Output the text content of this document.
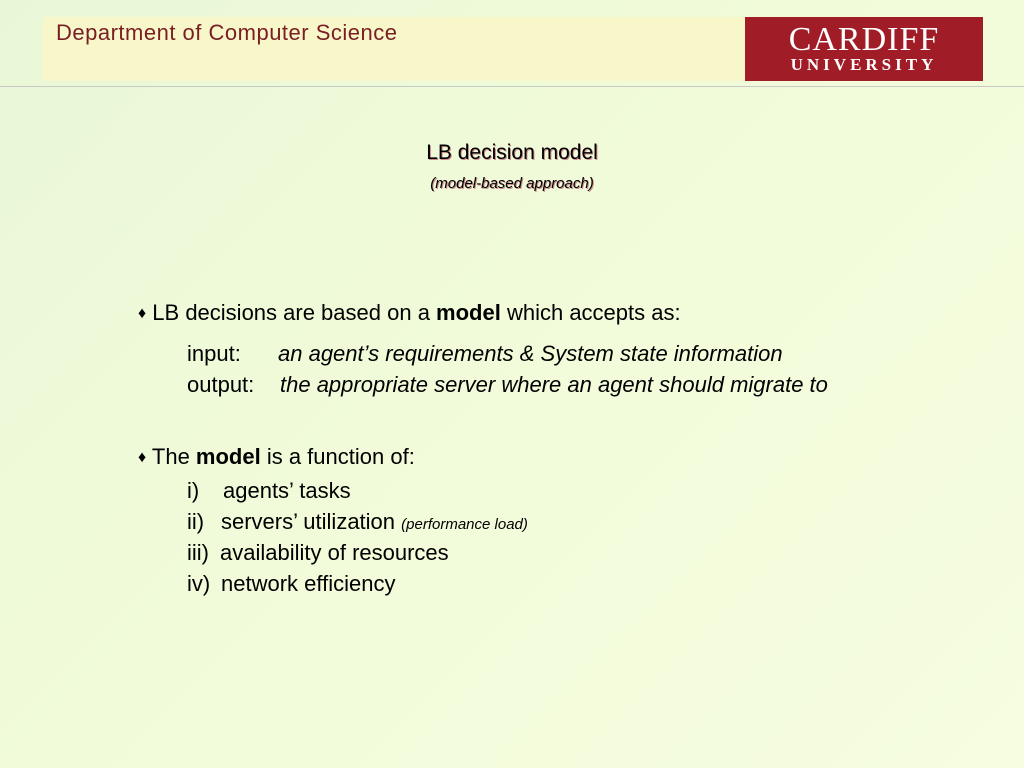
Department of Computer Science	CARDIFF
UNIVERSITY
LB decision model
(model-based approach)
♦ LB decisions are based on a model which accepts as:
input: an agent’s requirements & System state information
output: the appropriate server where an agent should migrate to
♦ The model is a function of:
i) agents’ tasks
ii) servers’ utilization (performance load)
iii) availability of resources
iv) network efficiency
